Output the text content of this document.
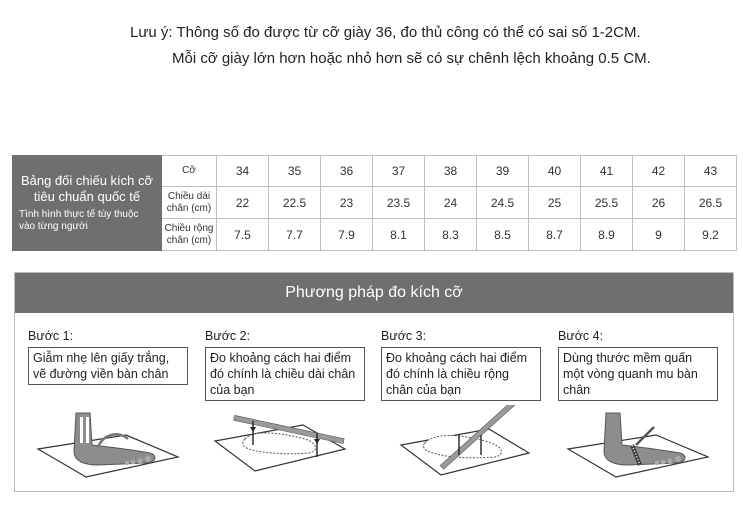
Lưu ý: Thông số đo được từ cỡ giày 36, đo thủ công có thể có sai số 1-2CM.
Mỗi cỡ giày lớn hơn hoặc nhỏ hơn sẽ có sự chênh lệch khoảng 0.5 CM.
Bảng đối chiếu kích cỡ tiêu chuẩn quốc tế
Tình hình thực tế tùy thuộc vào từng người	Cỡ	34	35	36	37	38	39	40	41	42	43
	Chiều dài chân (cm)	22	22.5	23	23.5	24	24.5	25	25.5	26	26.5
	Chiều rộng chân (cm)	7.5	7.7	7.9	8.1	8.3	8.5	8.7	8.9	9	9.2
Phương pháp đo kích cỡ
Bước 1:
Giẫm nhẹ lên giấy trắng, vẽ đường viền bàn chân
Bước 2:
Đo khoảng cách hai điểm đó chính là chiều dài chân của bạn
Bước 3:
Đo khoảng cách hai điểm đó chính là chiều rộng chân của bạn
Bước 4:
Dùng thước mềm quấn một vòng quanh mu bàn chân
